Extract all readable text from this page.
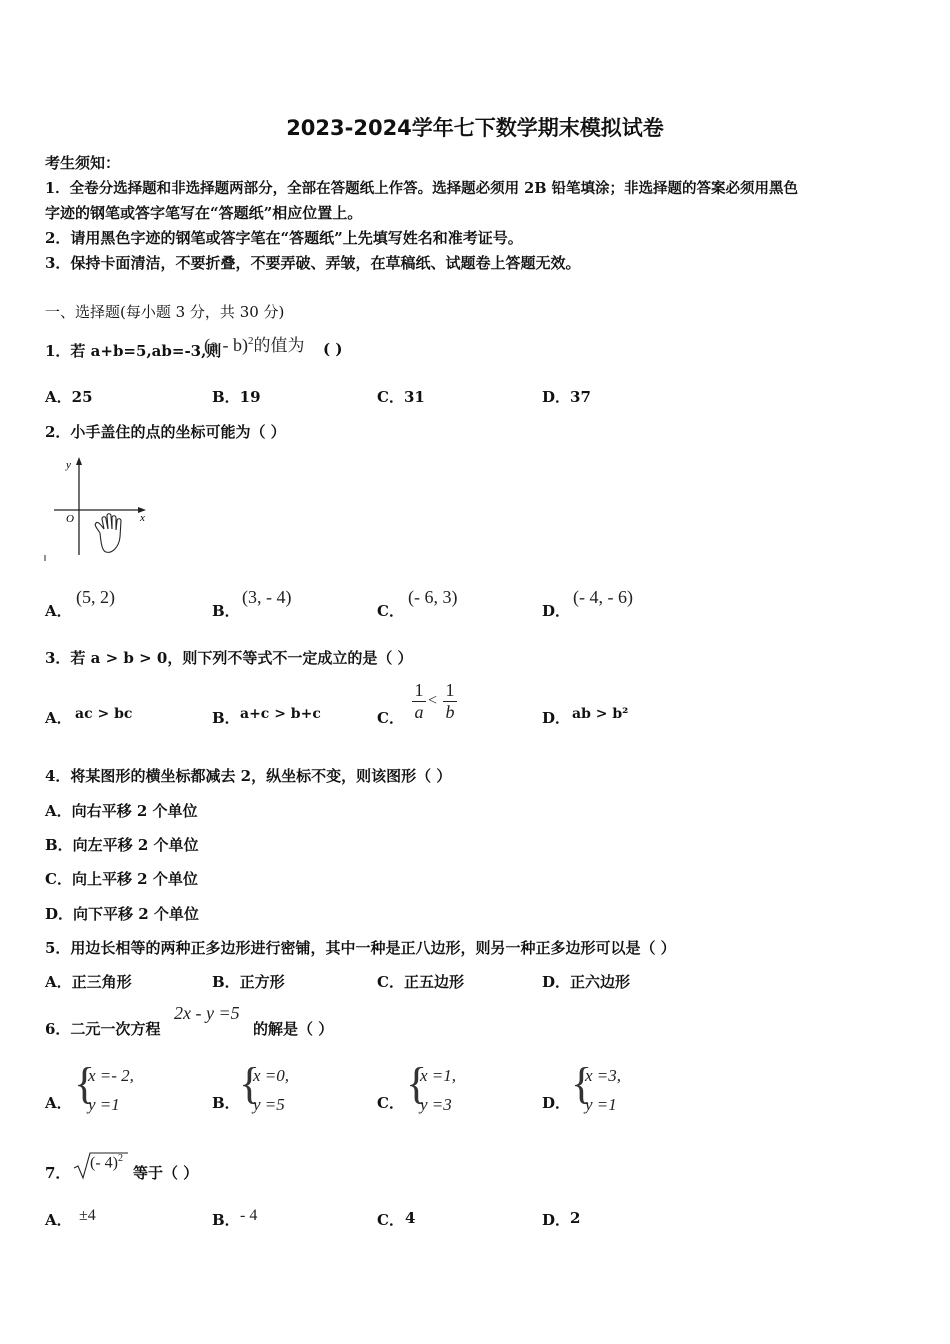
2023-2024学年七下数学期末模拟试卷
考生须知：
1．全卷分选择题和非选择题两部分，全部在答题纸上作答。选择题必须用 2B 铅笔填涂；非选择题的答案必须用黑色
字迹的钢笔或答字笔写在“答题纸”相应位置上。
2．请用黑色字迹的钢笔或答字笔在“答题纸”上先填写姓名和准考证号。
3．保持卡面清洁，不要折叠，不要弄破、弄皱，在草稿纸、试题卷上答题无效。
一、选择题(每小题 3 分，共 30 分)
1．若 a+b=5,ab=-3,则
(a - b)$^2$的值为 ( )
A．25	B．19	C．31	D．37
2．小手盖住的点的坐标可能为（ ）
y
x
O
A．
(5, 2)
B．
(3, - 4)
C．
(- 6, 3)
D．
(- 4, - 6)
3．若 a > b > 0，则下列不等式不一定成立的是（ ）
A． ac > bc	B． a+c > b+c	C． $\frac{1}{a} < \frac{1}{b}$	D． ab > b²
4．将某图形的横坐标都减去 2，纵坐标不变，则该图形（ ）
A．向右平移 2 个单位
B．向左平移 2 个单位
C．向上平移 2 个单位
D．向下平移 2 个单位
5．用边长相等的两种正多边形进行密铺，其中一种是正八边形，则另一种正多边形可以是（ ）
A．正三角形	B．正方形	C．正五边形	D．正六边形
6．二元一次方程
2x - y =5
的解是（ ）
A． {
x =- 2,
y =1	B． {
x =0,
y =5	C． {
x =1,
y =3	D． {
x =3,
y =1
7．
(- 4)$^2$
等于（ ）
A． ±4	B． - 4	C． 4	D． 2
